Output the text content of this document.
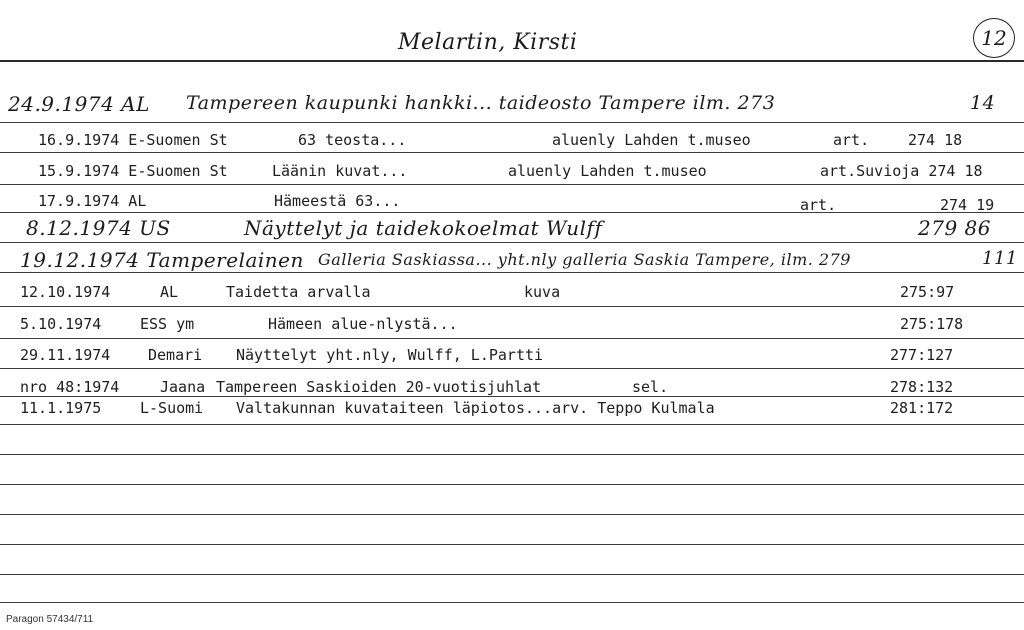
Melartin, Kirsti	12
24.9.1974 AL Tampereen kaupunki hankki... taideosto Tampere ilm. 273	14
16.9.1974 E-Suomen St	63 teosta...	aluenly Lahden t.museo	art.	274 18
15.9.1974 E-Suomen St	Läänin kuvat...	aluenly Lahden t.museo	art.Suvioja 274 18
17.9.1974 AL	Hämeestä 63...	art.	274 19
8.12.1974 US	Näyttelyt ja taidekokoelmat Wulff	279 86
19.12.1974 Tamperelainen Galleria Saskiassa... yht.nly galleria Saskia Tampere, ilm. 279	111
12.10.1974	AL	Taidetta arvalla	kuva	275:97
5.10.1974	ESS ym	Hämeen alue-nlystä...	275:178
29.11.1974	Demari Näyttelyt yht.nly, Wulff, L.Partti	277:127
nro 48:1974	Jaana Tampereen Saskioiden 20-vuotisjuhlat	sel.	278:132
11.1.1975	L-Suomi Valtakunnan kuvataiteen läpiotos...arv. Teppo Kulmala	281:172
Paragon 57434/711
